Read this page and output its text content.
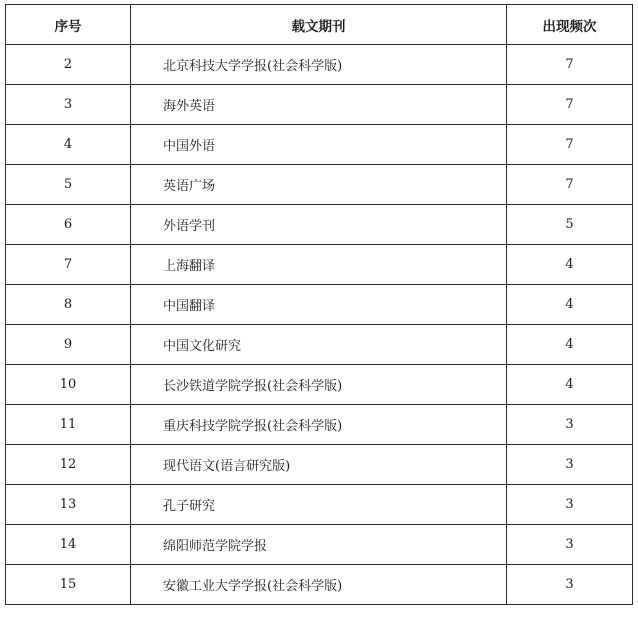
序号	载文期刊	出现频次
2	北京科技大学学报(社会科学版)	7
3	海外英语	7
4	中国外语	7
5	英语广场	7
6	外语学刊	5
7	上海翻译	4
8	中国翻译	4
9	中国文化研究	4
10	长沙铁道学院学报(社会科学版)	4
11	重庆科技学院学报(社会科学版)	3
12	现代语文(语言研究版)	3
13	孔子研究	3
14	绵阳师范学院学报	3
15	安徽工业大学学报(社会科学版)	3
